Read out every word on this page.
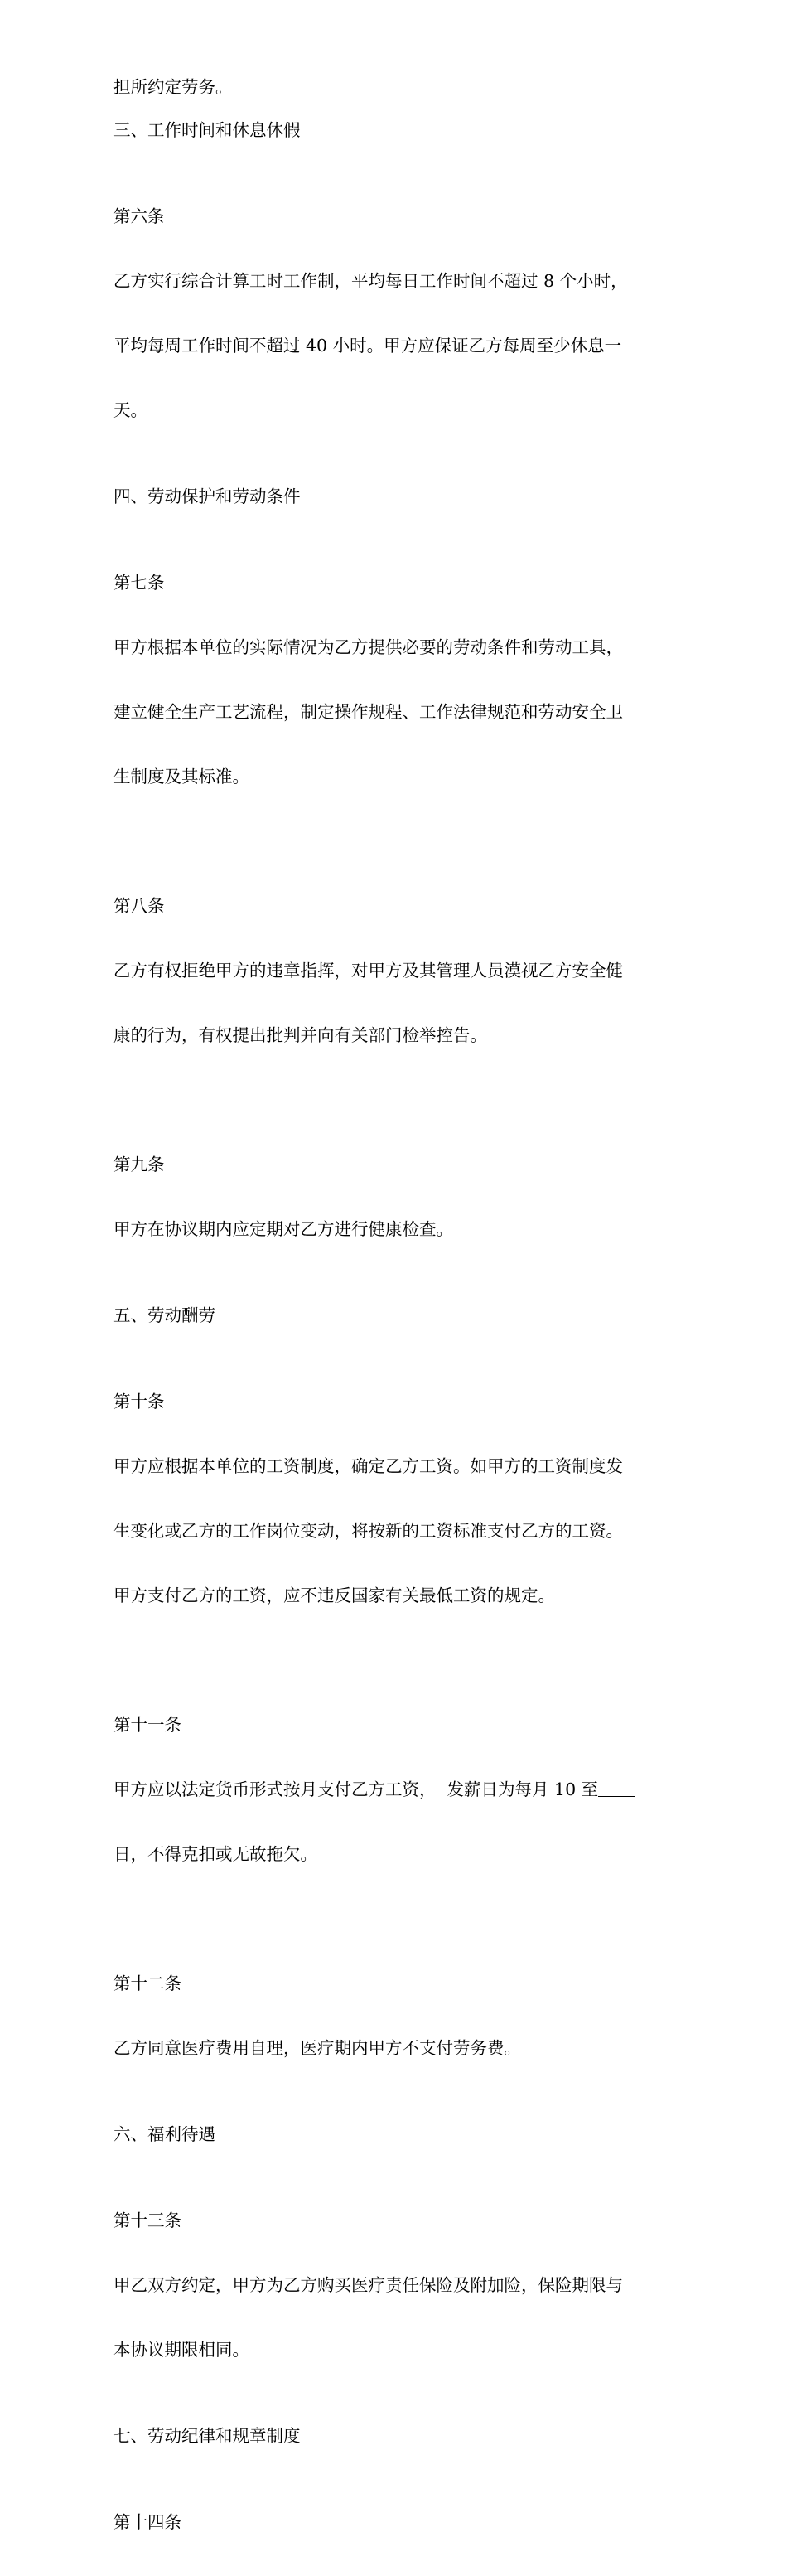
担所约定劳务。

三、工作时间和休息休假

第六条

乙方实行综合计算工时工作制，平均每日工作时间不超过 8 个小时，

平均每周工作时间不超过 40 小时。甲方应保证乙方每周至少休息一

天。

四、劳动保护和劳动条件

第七条

甲方根据本单位的实际情况为乙方提供必要的劳动条件和劳动工具，

建立健全生产工艺流程，制定操作规程、工作法律规范和劳动安全卫

生制度及其标准。

第八条

乙方有权拒绝甲方的违章指挥，对甲方及其管理人员漠视乙方安全健

康的行为，有权提出批判并向有关部门检举控告。

第九条

甲方在协议期内应定期对乙方进行健康检查。

五、劳动酬劳

第十条

甲方应根据本单位的工资制度，确定乙方工资。如甲方的工资制度发

生变化或乙方的工作岗位变动，将按新的工资标准支付乙方的工资。

甲方支付乙方的工资，应不违反国家有关最低工资的规定。

第十一条

甲方应以法定货币形式按月支付乙方工资，  发薪日为每月 10 至

日，不得克扣或无故拖欠。

第十二条

乙方同意医疗费用自理，医疗期内甲方不支付劳务费。

六、福利待遇

第十三条

甲乙双方约定，甲方为乙方购买医疗责任保险及附加险，保险期限与

本协议期限相同。

七、劳动纪律和规章制度

第十四条
